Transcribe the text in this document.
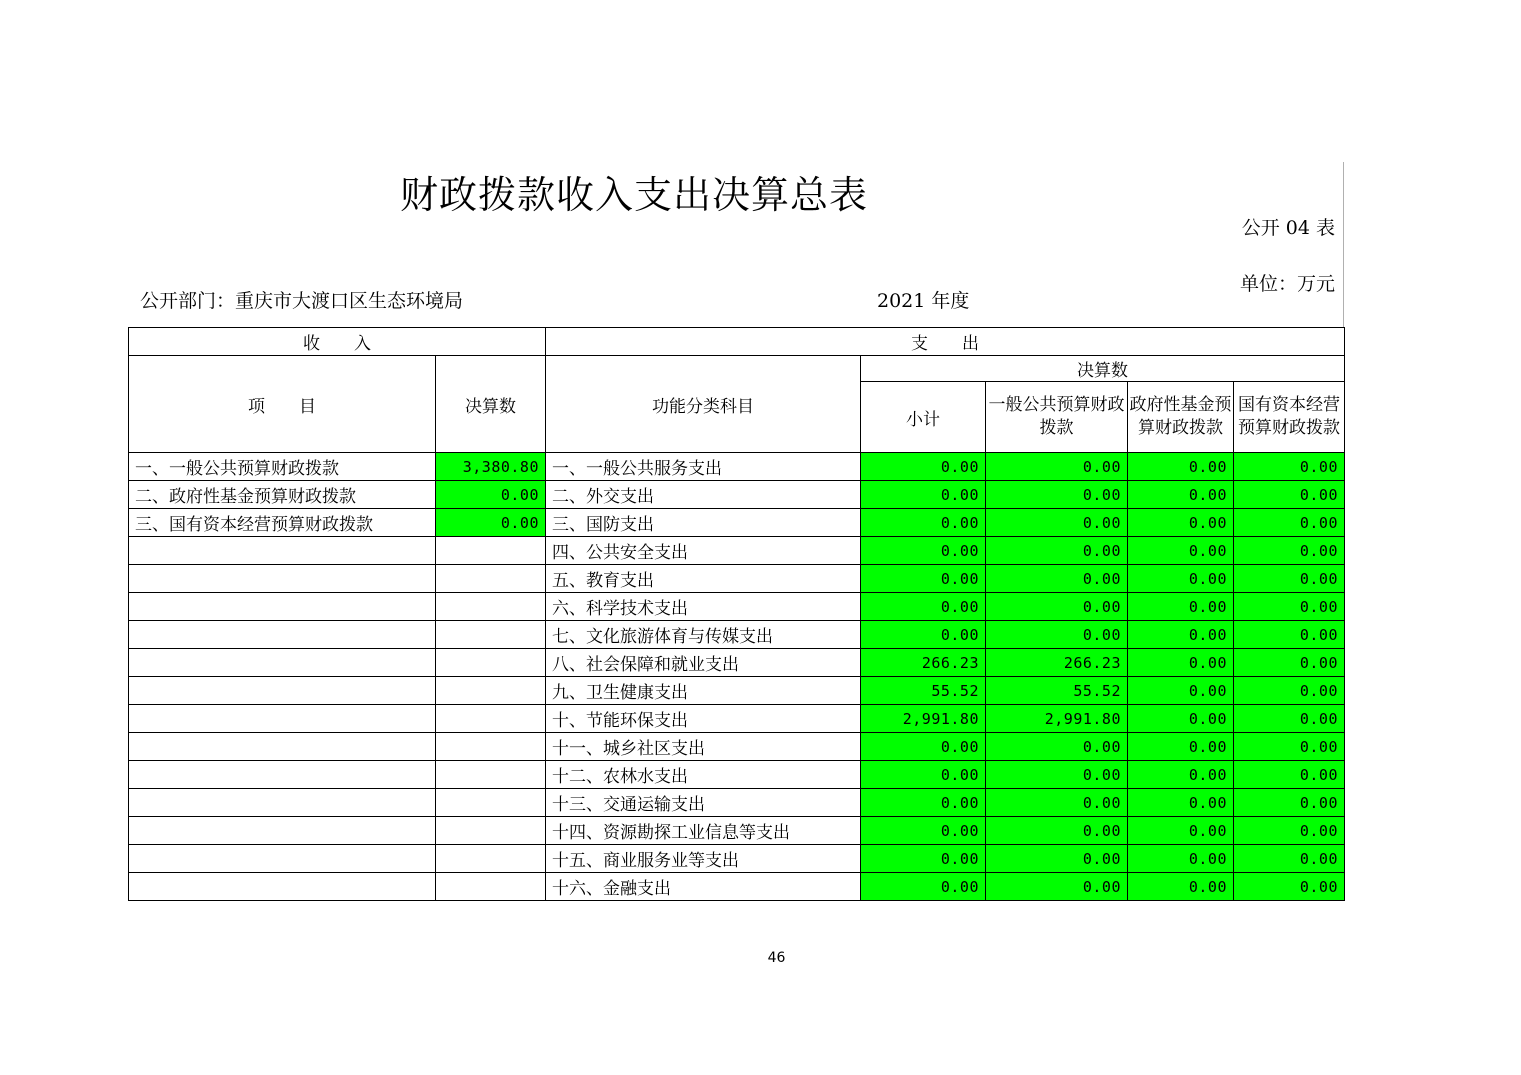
财政拨款收入支出决算总表
公开 04 表
单位：万元
公开部门：重庆市大渡口区生态环境局	2021 年度
收　　入		支　　出				
项　　目	决算数	功能分类科目	决算数			
			小计	一般公共预算财政拨款	政府性基金预算财政拨款	国有资本经营预算财政拨款
一、一般公共预算财政拨款	3,380.80	一、一般公共服务支出	0.00	0.00	0.00	0.00
二、政府性基金预算财政拨款	0.00	二、外交支出	0.00	0.00	0.00	0.00
三、国有资本经营预算财政拨款	0.00	三、国防支出	0.00	0.00	0.00	0.00
		四、公共安全支出	0.00	0.00	0.00	0.00
		五、教育支出	0.00	0.00	0.00	0.00
		六、科学技术支出	0.00	0.00	0.00	0.00
		七、文化旅游体育与传媒支出	0.00	0.00	0.00	0.00
		八、社会保障和就业支出	266.23	266.23	0.00	0.00
		九、卫生健康支出	55.52	55.52	0.00	0.00
		十、节能环保支出	2,991.80	2,991.80	0.00	0.00
		十一、城乡社区支出	0.00	0.00	0.00	0.00
		十二、农林水支出	0.00	0.00	0.00	0.00
		十三、交通运输支出	0.00	0.00	0.00	0.00
		十四、资源勘探工业信息等支出	0.00	0.00	0.00	0.00
		十五、商业服务业等支出	0.00	0.00	0.00	0.00
		十六、金融支出	0.00	0.00	0.00	0.00
46
